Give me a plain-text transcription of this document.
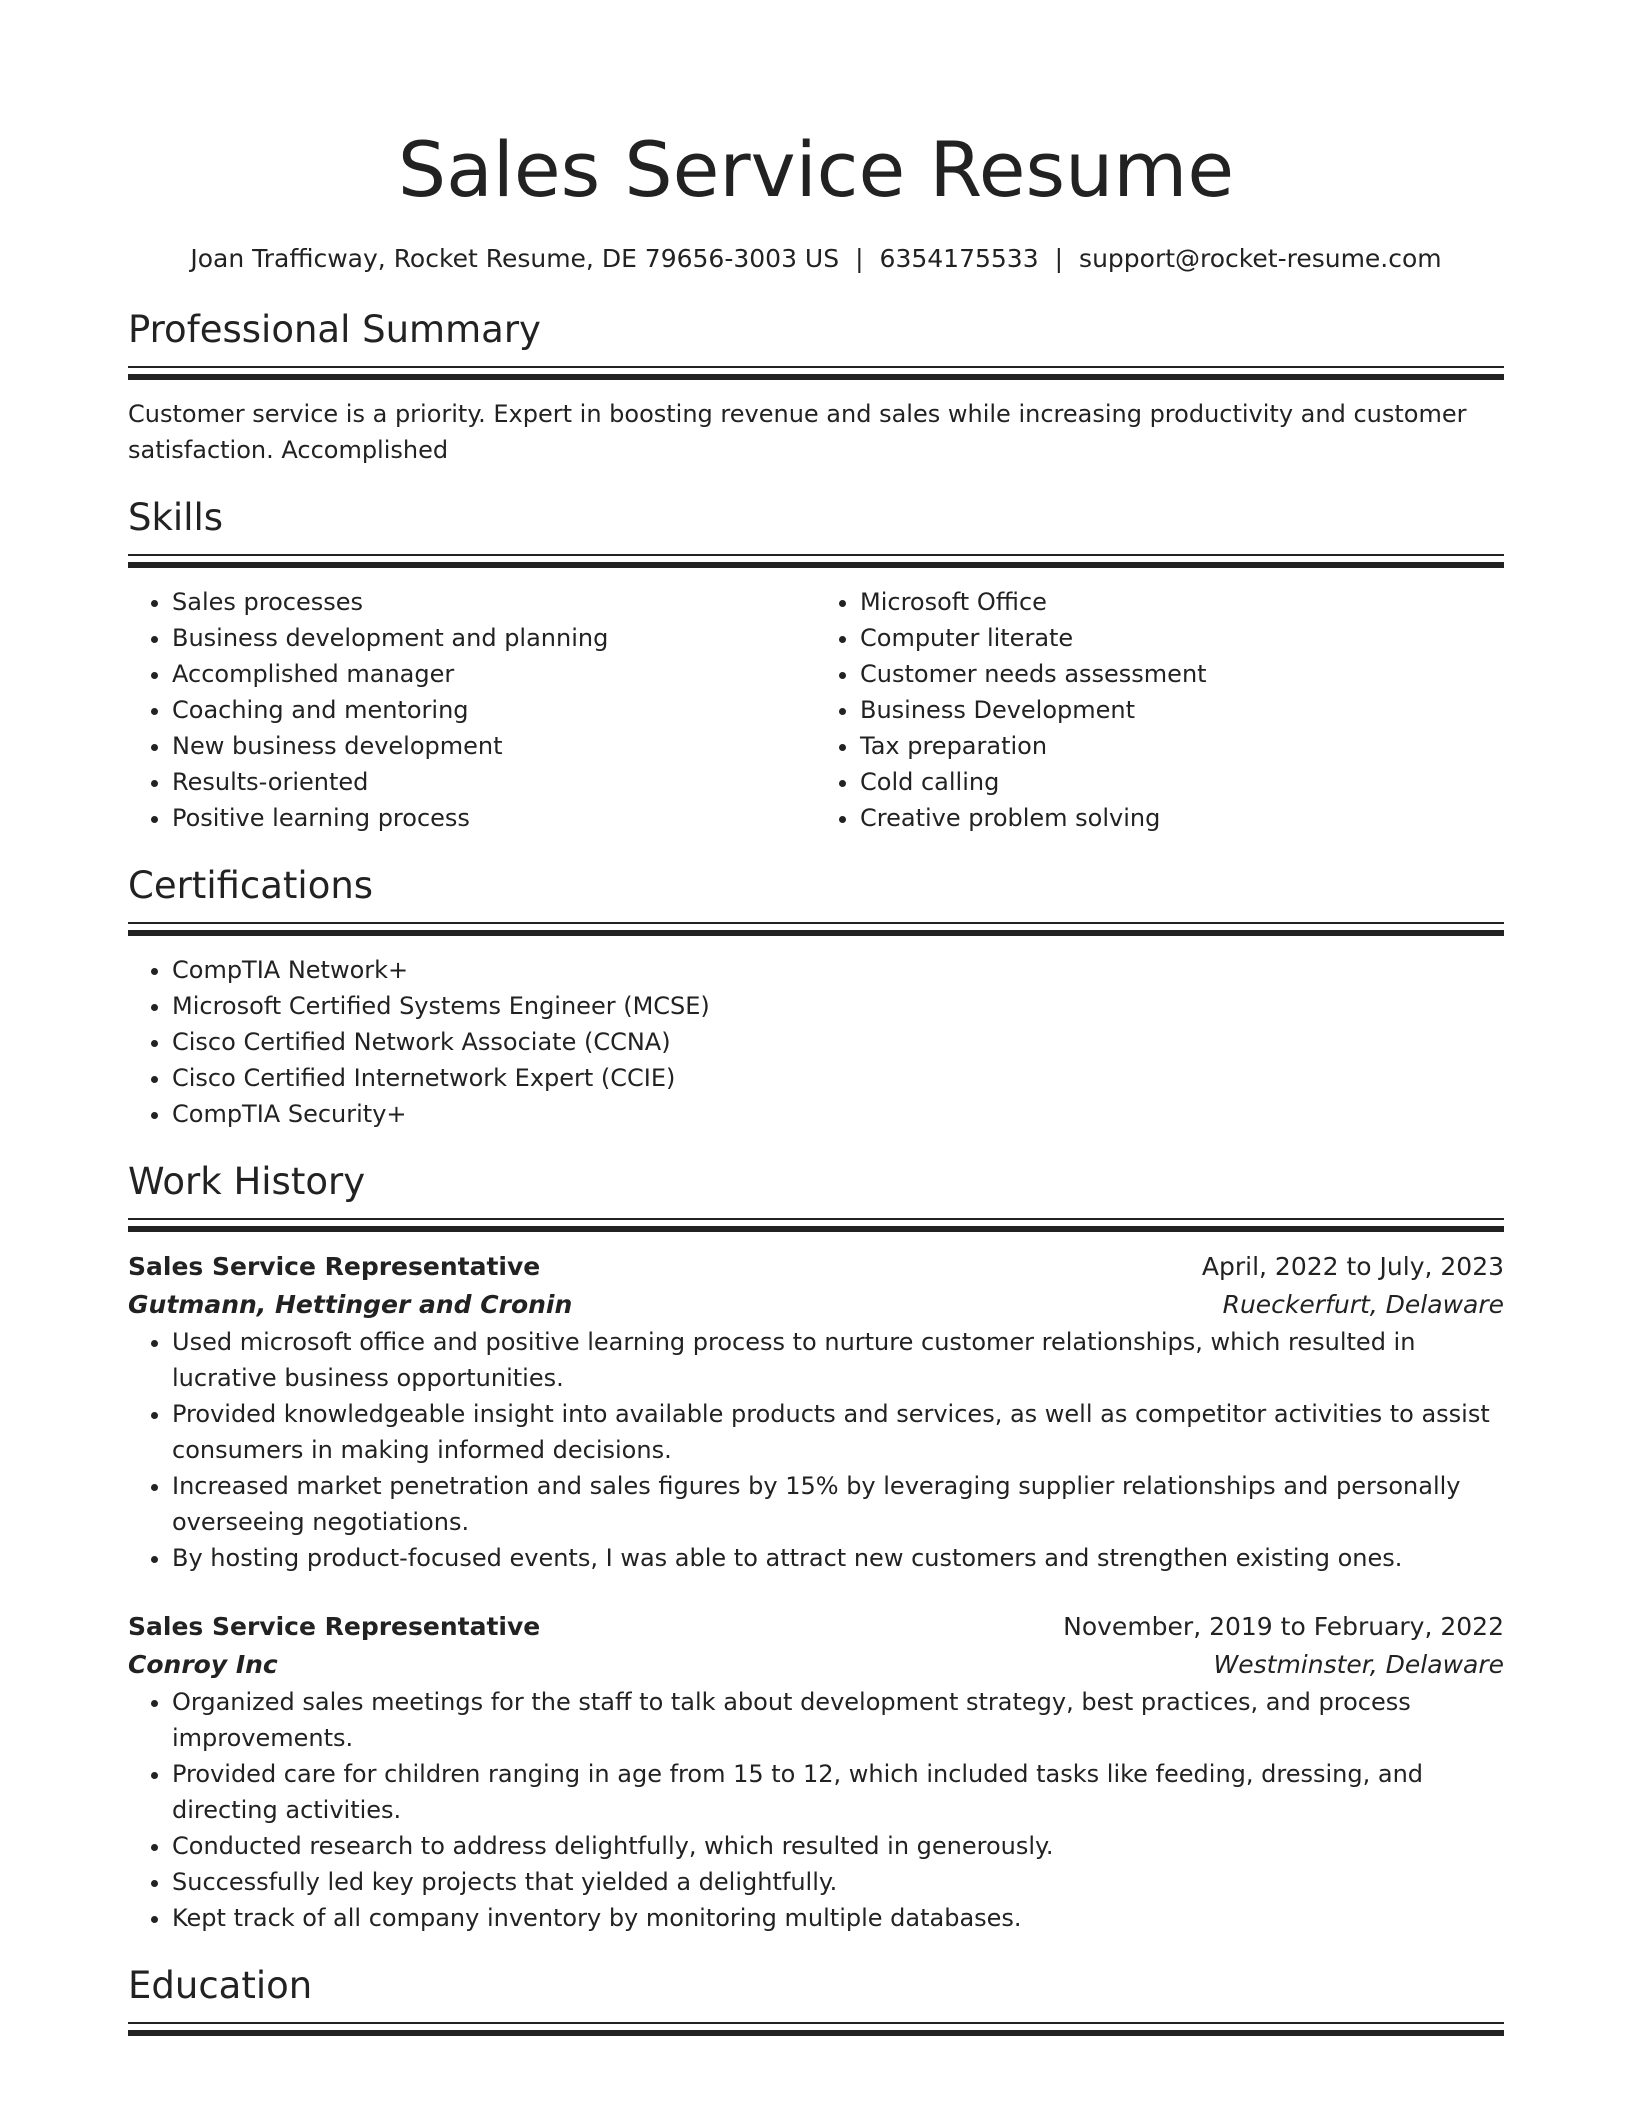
Sales Service Resume
Joan Trafficway, Rocket Resume, DE 79656-3003 US | 6354175533 | support@rocket-resume.com
Professional Summary

Customer service is a priority. Expert in boosting revenue and sales while increasing productivity and customer satisfaction. Accomplished

Skills
• Sales processes
• Business development and planning
• Accomplished manager
• Coaching and mentoring
• New business development
• Results-oriented
• Positive learning process
• Microsoft Office
• Computer literate
• Customer needs assessment
• Business Development
• Tax preparation
• Cold calling
• Creative problem solving
Certifications
• CompTIA Network+
• Microsoft Certified Systems Engineer (MCSE)
• Cisco Certified Network Associate (CCNA)
• Cisco Certified Internetwork Expert (CCIE)
• CompTIA Security+
Work History
Sales Service Representative	April, 2022 to July, 2023
Gutmann, Hettinger and Cronin	Rueckerfurt, Delaware
• Used microsoft office and positive learning process to nurture customer relationships, which resulted in lucrative business opportunities.
• Provided knowledgeable insight into available products and services, as well as competitor activities to assist consumers in making informed decisions.
• Increased market penetration and sales figures by 15% by leveraging supplier relationships and personally overseeing negotiations.
• By hosting product-focused events, I was able to attract new customers and strengthen existing ones.
Sales Service Representative	November, 2019 to February, 2022
Conroy Inc	Westminster, Delaware
• Organized sales meetings for the staff to talk about development strategy, best practices, and process improvements.
• Provided care for children ranging in age from 15 to 12, which included tasks like feeding, dressing, and directing activities.
• Conducted research to address delightfully, which resulted in generously.
• Successfully led key projects that yielded a delightfully.
• Kept track of all company inventory by monitoring multiple databases.
Education
